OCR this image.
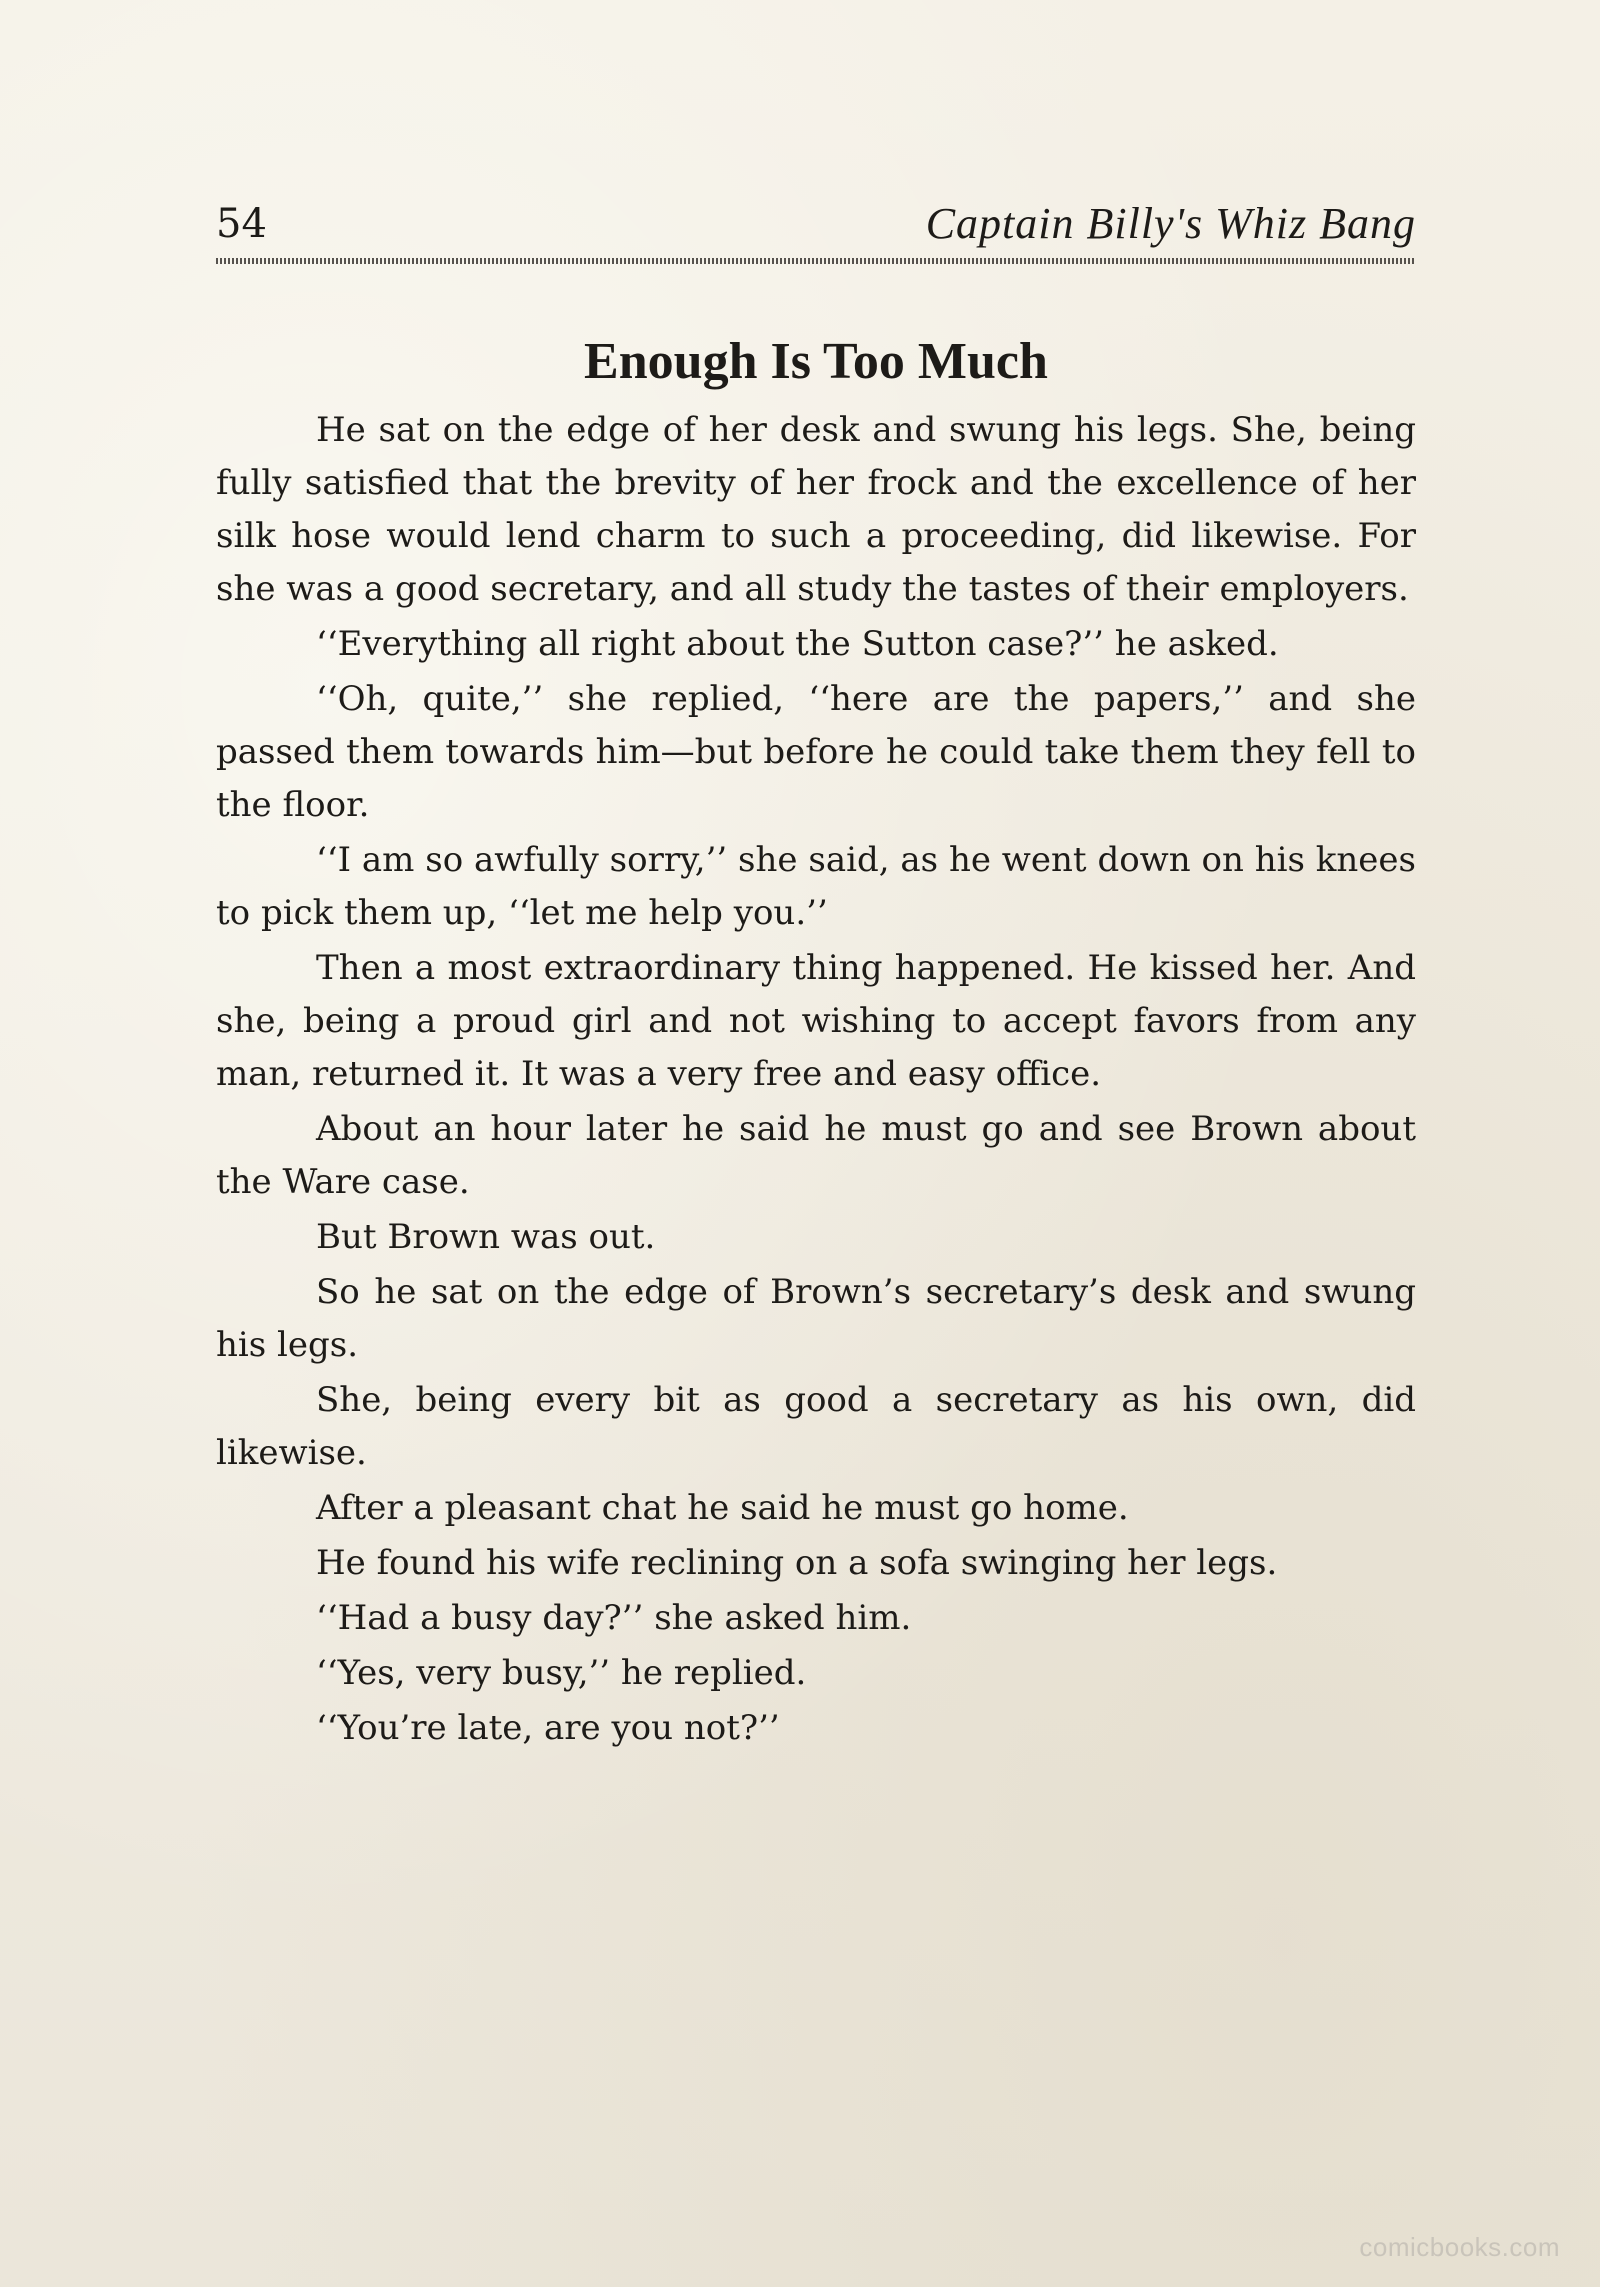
54	Captain Billy's Whiz Bang
Enough Is Too Much

He sat on the edge of her desk and swung his legs. She, being fully satisfied that the brevity of her frock and the excellence of her silk hose would lend charm to such a proceeding, did likewise. For she was a good secretary, and all study the tastes of their employers.

‘‘Everything all right about the Sutton case?’’ he asked.

‘‘Oh, quite,’’ she replied, ‘‘here are the papers,’’ and she passed them towards him—but before he could take them they fell to the floor.

‘‘I am so awfully sorry,’’ she said, as he went down on his knees to pick them up, ‘‘let me help you.’’

Then a most extraordinary thing happened. He kissed her. And she, being a proud girl and not wishing to accept favors from any man, returned it. It was a very free and easy office.

About an hour later he said he must go and see Brown about the Ware case.

But Brown was out.

So he sat on the edge of Brown’s secretary’s desk and swung his legs.

She, being every bit as good a secretary as his own, did likewise.

After a pleasant chat he said he must go home.

He found his wife reclining on a sofa swinging her legs.

‘‘Had a busy day?’’ she asked him.

‘‘Yes, very busy,’’ he replied.

‘‘You’re late, are you not?’’

comicbooks.com
